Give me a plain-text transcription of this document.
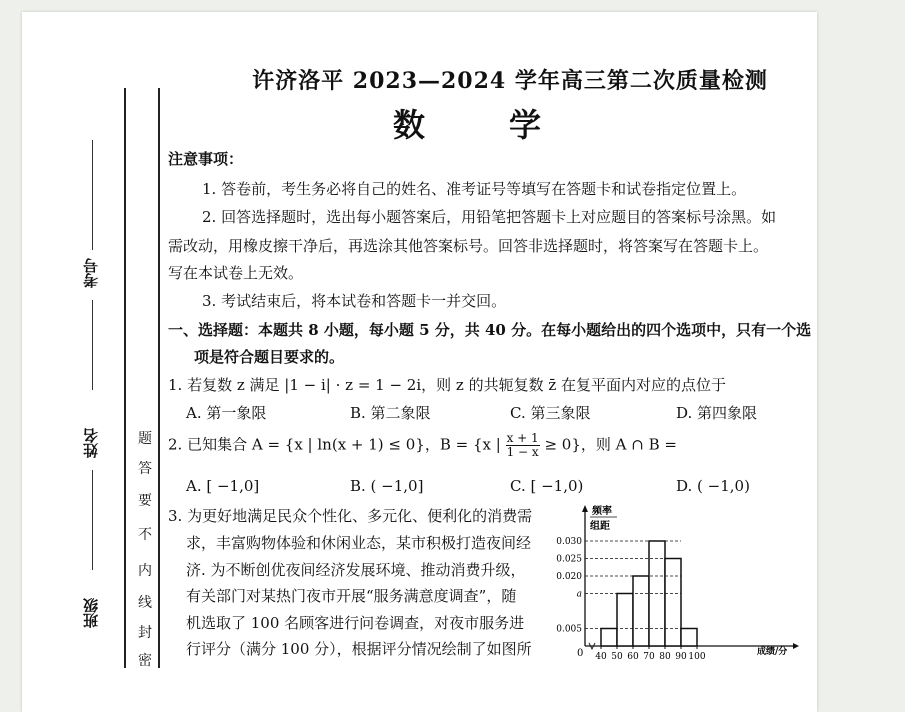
考号
姓名
班级
题
答
要
不
内
线
封
密
许济洛平 2023—2024 学年高三第二次质量检测
数　学
注意事项：
1. 答卷前，考生务必将自己的姓名、准考证号等填写在答题卡和试卷指定位置上。
2. 回答选择题时，选出每小题答案后，用铅笔把答题卡上对应题目的答案标号涂黑。如
需改动，用橡皮擦干净后，再选涂其他答案标号。回答非选择题时，将答案写在答题卡上。
写在本试卷上无效。
3. 考试结束后，将本试卷和答题卡一并交回。
一、选择题：本题共 8 小题，每小题 5 分，共 40 分。在每小题给出的四个选项中，只有一个选
项是符合题目要求的。
1. 若复数 z 满足 |1 − i| · z = 1 − 2i，则 z 的共轭复数 z̄ 在复平面内对应的点位于
A. 第一象限	B. 第二象限	C. 第三象限	D. 第四象限
2. 已知集合 A = {x | ln(x + 1) ≤ 0}，B = {x | $\frac{x + 1}{1 - x} \ge 0$}，则 A ∩ B =
A. [ −1,0]	B. ( −1,0]	C. [ −1,0)	D. ( −1,0)
3. 为更好地满足民众个性化、多元化、便利化的消费需
求，丰富购物体验和休闲业态，某市积极打造夜间经
济. 为不断创优夜间经济发展环境、推动消费升级，
有关部门对某热门夜市开展“服务满意度调查”，随
机选取了 100 名顾客进行问卷调查，对夜市服务进
行评分（满分 100 分），根据评分情况绘制了如图所	0
频率
组距
成绩/分
0.030
0.025
0.020
a
0.005
40 50 60 70 80 90 100
